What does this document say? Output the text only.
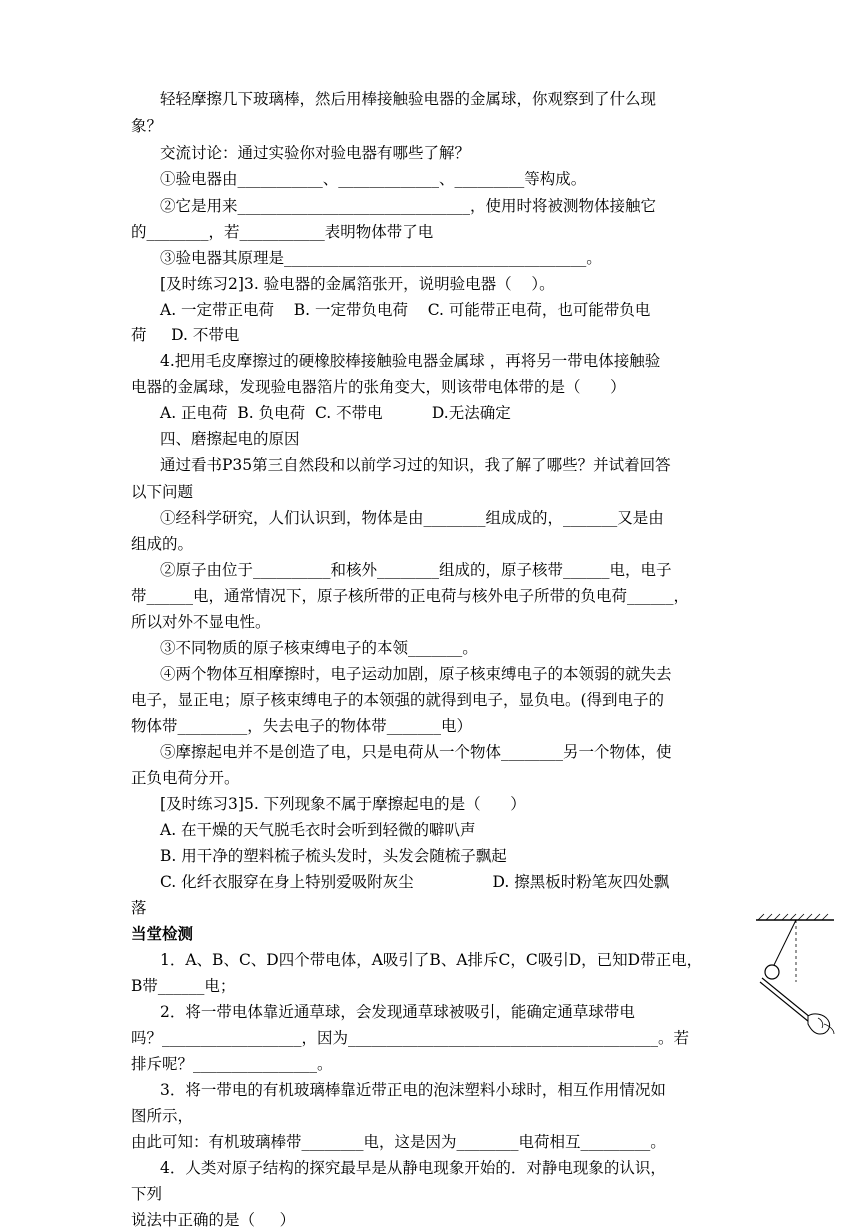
轻轻摩擦几下玻璃棒，然后用棒接触验电器的金属球，你观察到了什么现
象？
交流讨论：通过实验你对验电器有哪些了解？
①验电器由___________、_____________、_________等构成。
②它是用来______________________________，使用时将被测物体接触它
的________，若___________表明物体带了电
③验电器其原理是_______________________________________。
[及时练习2]3. 验电器的金属箔张开，说明验电器（    ）。
A. 一定带正电荷    B. 一定带负电荷    C. 可能带正电荷，也可能带负电
荷     D. 不带电
4.把用毛皮摩擦过的硬橡胶棒接触验电器金属球 ，再将另一带电体接触验
电器的金属球，发现验电器箔片的张角变大，则该带电体带的是（      ）
A. 正电荷  B. 负电荷  C. 不带电          D.无法确定
四、磨擦起电的原因
通过看书P35第三自然段和以前学习过的知识，我了解了哪些？并试着回答
以下问题
①经科学研究，人们认识到，物体是由________组成成的，_______又是由
组成的。
②原子由位于__________和核外________组成的，原子核带______电，电子
带______电，通常情况下，原子核所带的正电荷与核外电子所带的负电荷______，
所以对外不显电性。
③不同物质的原子核束缚电子的本领_______。
④两个物体互相摩擦时，电子运动加剧，原子核束缚电子的本领弱的就失去
电子，显正电；原子核束缚电子的本领强的就得到电子，显负电。(得到电子的
物体带_________，失去电子的物体带_______电）
⑤摩擦起电并不是创造了电，只是电荷从一个物体________另一个物体，使
正负电荷分开。
[及时练习3]5. 下列现象不属于摩擦起电的是（      ）
A. 在干燥的天气脱毛衣时会听到轻微的噼叭声
B. 用干净的塑料梳子梳头发时，头发会随梳子飘起
C. 化纤衣服穿在身上特别爱吸附灰尘                D. 擦黑板时粉笔灰四处飘
落
当堂检测
1．A、B、C、D四个带电体，A吸引了B、A排斥C，C吸引D，已知D带正电，
B带______电；
2．将一带电体靠近通草球，会发现通草球被吸引，能确定通草球带电
吗？__________________，因为________________________________________。若
排斥呢？________________。
3．将一带电的有机玻璃棒靠近带正电的泡沫塑料小球时，相互作用情况如
图所示，
由此可知：有机玻璃棒带________电，这是因为________电荷相互_________。
4．人类对原子结构的探究最早是从静电现象开始的．对静电现象的认识，
下列
说法中正确的是（     ）
